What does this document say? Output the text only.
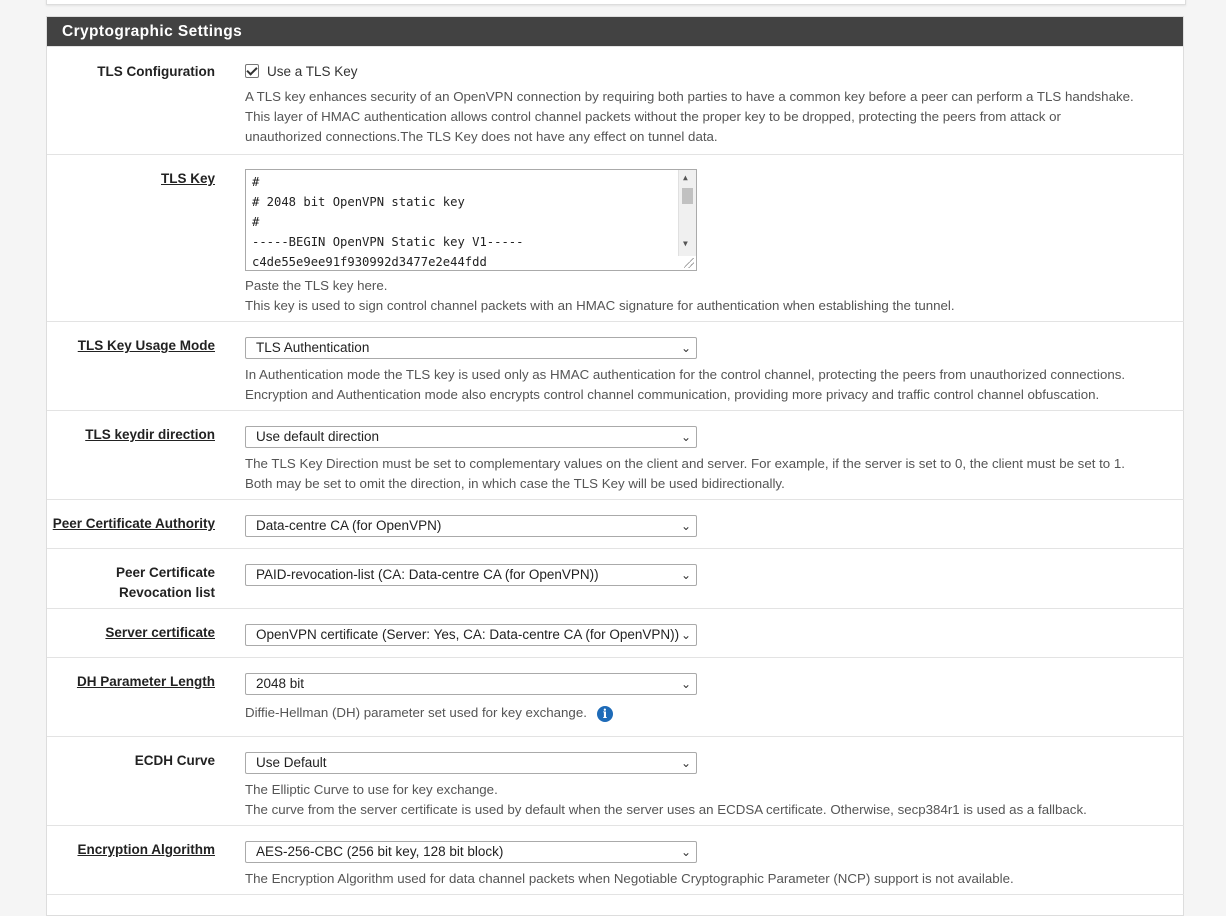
Cryptographic Settings
TLS Configuration	Use a TLS Key
A TLS key enhances security of an OpenVPN connection by requiring both parties to have a common key before a peer can perform a TLS handshake.
This layer of HMAC authentication allows control channel packets without the proper key to be dropped, protecting the peers from attack or
unauthorized connections.The TLS Key does not have any effect on tunnel data.
TLS Key	#
# 2048 bit OpenVPN static key
#
-----BEGIN OpenVPN Static key V1-----
c4de55e9ee91f930992d3477e2e44fdd
▲
▼
Paste the TLS key here.
This key is used to sign control channel packets with an HMAC signature for authentication when establishing the tunnel.
TLS Key Usage Mode	TLS Authentication	⌄
In Authentication mode the TLS key is used only as HMAC authentication for the control channel, protecting the peers from unauthorized connections.
Encryption and Authentication mode also encrypts control channel communication, providing more privacy and traffic control channel obfuscation.
TLS keydir direction	Use default direction	⌄
The TLS Key Direction must be set to complementary values on the client and server. For example, if the server is set to 0, the client must be set to 1.
Both may be set to omit the direction, in which case the TLS Key will be used bidirectionally.
Peer Certificate Authority	Data-centre CA (for OpenVPN)	⌄
Peer Certificate
Revocation list
PAID-revocation-list (CA: Data-centre CA (for OpenVPN))	⌄
Server certificate	OpenVPN certificate (Server: Yes, CA: Data-centre CA (for OpenVPN)) ⌄
DH Parameter Length	2048 bit	⌄
Diffie-Hellman (DH) parameter set used for key exchange. i
ECDH Curve	Use Default	⌄
The Elliptic Curve to use for key exchange.
The curve from the server certificate is used by default when the server uses an ECDSA certificate. Otherwise, secp384r1 is used as a fallback.
Encryption Algorithm	AES-256-CBC (256 bit key, 128 bit block)	⌄
The Encryption Algorithm used for data channel packets when Negotiable Cryptographic Parameter (NCP) support is not available.
